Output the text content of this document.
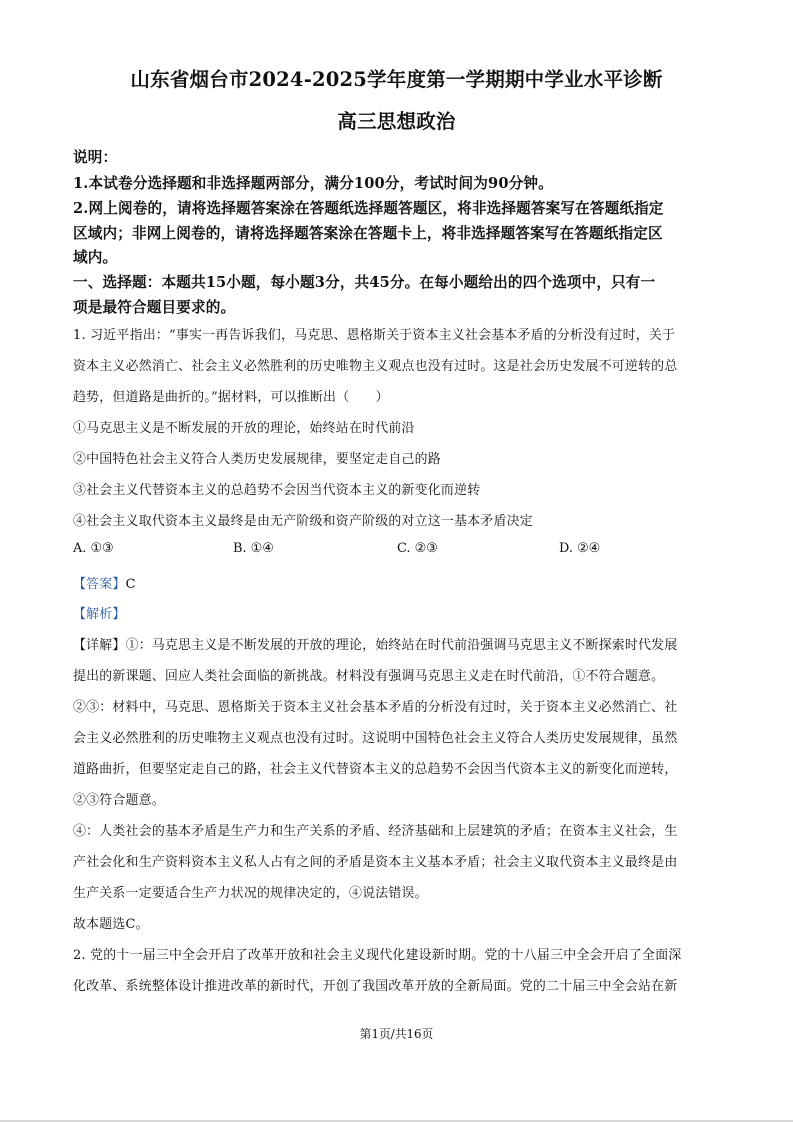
山东省烟台市2024-2025学年度第一学期期中学业水平诊断
高三思想政治
说明：
1.本试卷分选择题和非选择题两部分，满分100分，考试时间为90分钟。
2.网上阅卷的，请将选择题答案涂在答题纸选择题答题区，将非选择题答案写在答题纸指定
区域内；非网上阅卷的，请将选择题答案涂在答题卡上，将非选择题答案写在答题纸指定区
域内。
一、选择题：本题共15小题，每小题3分，共45分。在每小题给出的四个选项中，只有一
项是最符合题目要求的。
1. 习近平指出：“事实一再告诉我们，马克思、恩格斯关于资本主义社会基本矛盾的分析没有过时，关于
资本主义必然消亡、社会主义必然胜利的历史唯物主义观点也没有过时。这是社会历史发展不可逆转的总
趋势，但道路是曲折的。”据材料，可以推断出（　　）
①马克思主义是不断发展的开放的理论，始终站在时代前沿
②中国特色社会主义符合人类历史发展规律，要坚定走自己的路
③社会主义代替资本主义的总趋势不会因当代资本主义的新变化而逆转
④社会主义取代资本主义最终是由无产阶级和资产阶级的对立这一基本矛盾决定
A. ①③	B. ①④	C. ②③	D. ②④
【答案】C
【解析】
【详解】①：马克思主义是不断发展的开放的理论，始终站在时代前沿强调马克思主义不断探索时代发展
提出的新课题、回应人类社会面临的新挑战。材料没有强调马克思主义走在时代前沿，①不符合题意。
②③：材料中，马克思、恩格斯关于资本主义社会基本矛盾的分析没有过时，关于资本主义必然消亡、社
会主义必然胜利的历史唯物主义观点也没有过时。这说明中国特色社会主义符合人类历史发展规律，虽然
道路曲折，但要坚定走自己的路，社会主义代替资本主义的总趋势不会因当代资本主义的新变化而逆转，
②③符合题意。
④：人类社会的基本矛盾是生产力和生产关系的矛盾、经济基础和上层建筑的矛盾；在资本主义社会，生
产社会化和生产资料资本主义私人占有之间的矛盾是资本主义基本矛盾；社会主义取代资本主义最终是由
生产关系一定要适合生产力状况的规律决定的，④说法错误。
故本题选C。
2. 党的十一届三中全会开启了改革开放和社会主义现代化建设新时期。党的十八届三中全会开启了全面深
化改革、系统整体设计推进改革的新时代，开创了我国改革开放的全新局面。党的二十届三中全会站在新
第1页/共16页
